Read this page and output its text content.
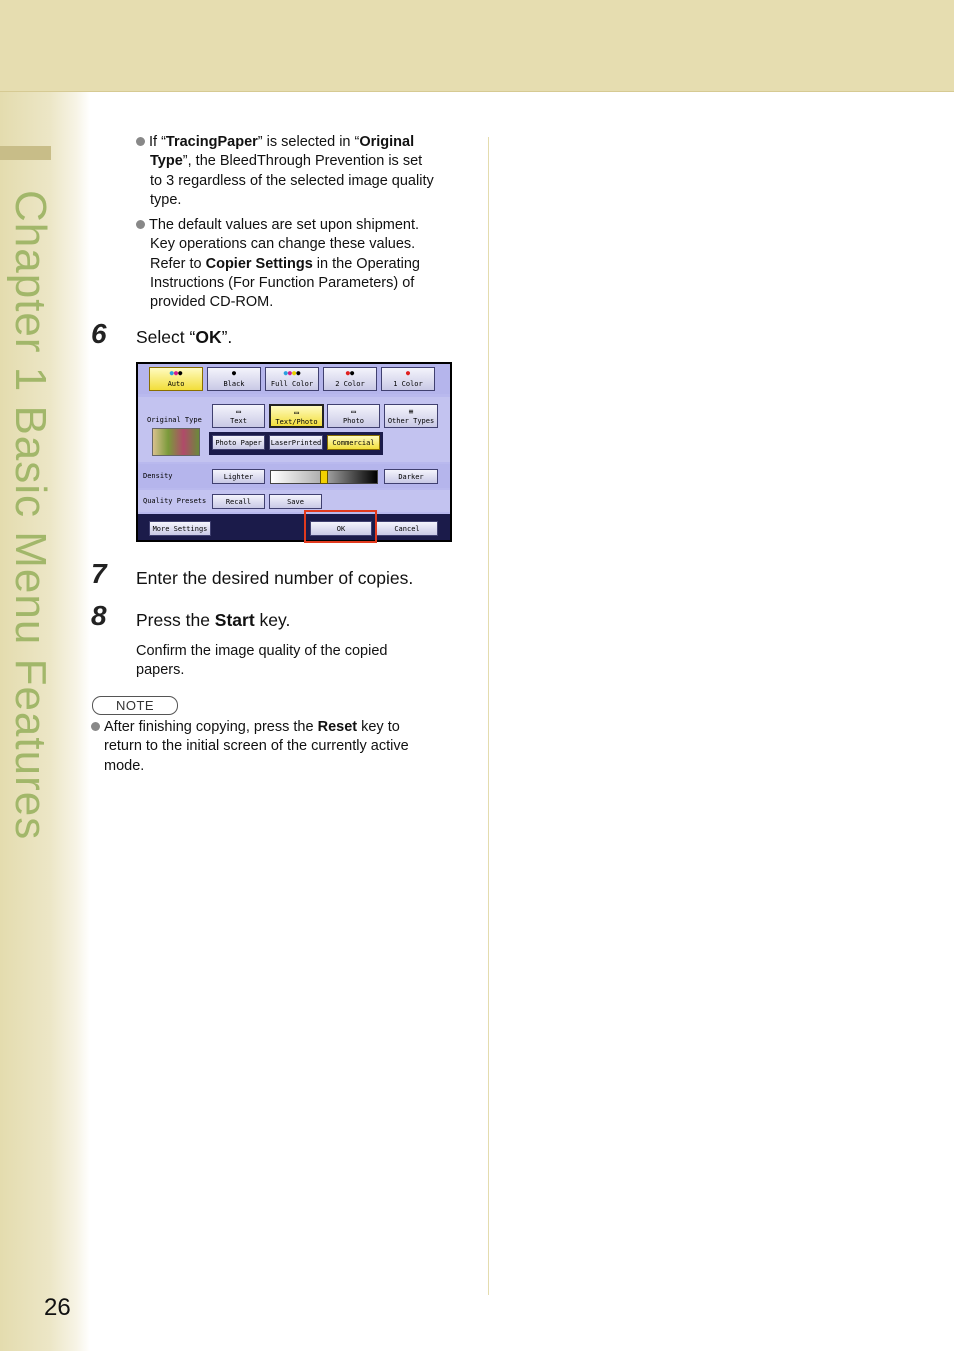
Chapter 1 Basic Menu Features
26
If “TracingPaper” is selected in “Original
Type”, the BleedThrough Prevention is set
to 3 regardless of the selected image quality
type.
The default values are set upon shipment.
Key operations can change these values.
Refer to Copier Settings in the Operating
Instructions (For Function Parameters) of
provided CD-ROM.
6 Select “OK”.
●●●
Auto
●
Black
●●●●
Full Color
●●
2 Color
●
1 Color
Original Type
▭
Text
▭
Text/Photo
▭
Photo
≡
Other Types
Photo Paper	LaserPrinted	Commercial
Density	Lighter	Darker
Quality Presets	Recall	Save
More Settings	OK	Cancel
7 Enter the desired number of copies.
8 Press the Start key.
Confirm the image quality of the copied
papers.
NOTE
After finishing copying, press the Reset key to
return to the initial screen of the currently active
mode.
